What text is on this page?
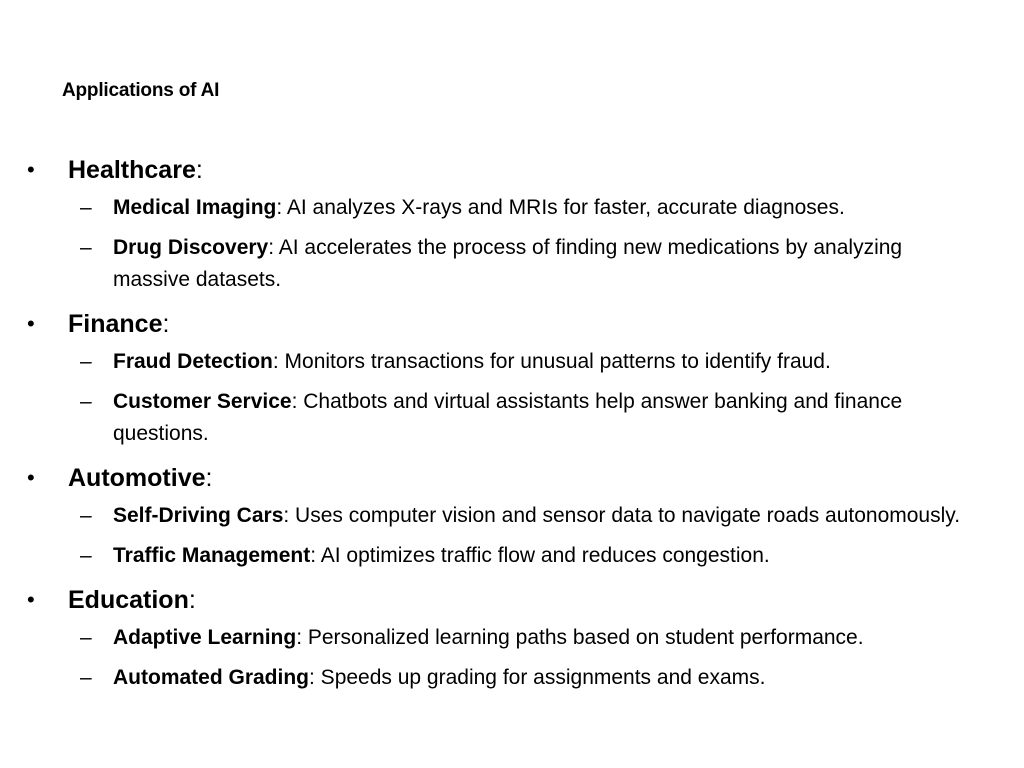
Applications of AI
• Healthcare:
– Medical Imaging: AI analyzes X-rays and MRIs for faster, accurate diagnoses.
– Drug Discovery: AI accelerates the process of finding new medications by analyzing massive datasets.
• Finance:
– Fraud Detection: Monitors transactions for unusual patterns to identify fraud.
– Customer Service: Chatbots and virtual assistants help answer banking and finance questions.
• Automotive:
– Self-Driving Cars: Uses computer vision and sensor data to navigate roads autonomously.
– Traffic Management: AI optimizes traffic flow and reduces congestion.
• Education:
– Adaptive Learning: Personalized learning paths based on student performance.
– Automated Grading: Speeds up grading for assignments and exams.
